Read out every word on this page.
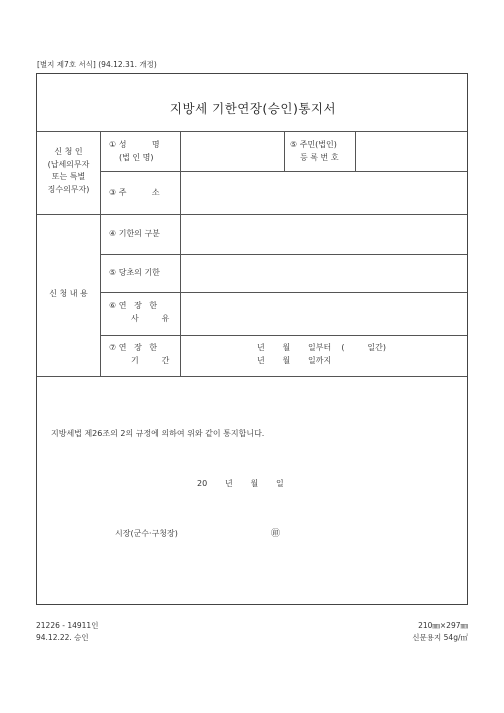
[별지 제7호 서식] (94.12.31. 개정)
지방세 기한연장(승인)통지서
신 청 인
(납세의무자
또는 특별
징수의무자)
① 성          명
(법 인 명)
⑤ 주민(법인)
등 록 번 호
③ 주          소
신 청 내 용
④ 기한의 구분
⑤ 당초의 기한
⑥ 연   장   한
사         유
⑦ 연   장   한
기         간
년       월       일부터    (         일간)
년       월       일까지
지방세법 제26조의 2의 규정에 의하여 위와 같이 통지합니다.
20       년       월       일
시장(군수·구청장)	㊞
21226 - 14911인
94.12.22. 승인
210㎜×297㎜
신문용지 54g/㎡
